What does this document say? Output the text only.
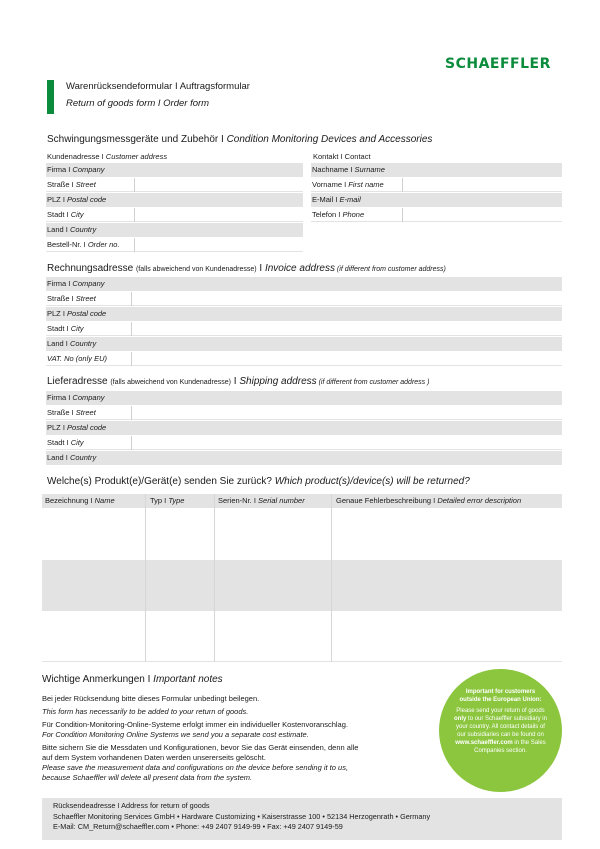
SCHAEFFLER
Warenrücksendeformular I Auftragsformular
Return of goods form I Order form
Schwingungsmessgeräte und Zubehör I Condition Monitoring Devices and Accessories
Kundenadresse I Customer address
Firma I Company
Straße I Street
PLZ I Postal code
Stadt I City
Land I Country
Bestell-Nr. I Order no.
Kontakt I Contact
Nachname I Surname
Vorname I First name
E-Mail I E-mail
Telefon I Phone
Rechnungsadresse (falls abweichend von Kundenadresse) I Invoice address (if different from customer address)
Firma I Company
Straße I Street
PLZ I Postal code
Stadt I City
Land I Country
VAT. No (only EU)
Lieferadresse (falls abweichend von Kundenadresse) I Shipping address (if different from customer address )
Firma I Company
Straße I Street
PLZ I Postal code
Stadt I City
Land I Country
Welche(s) Produkt(e)/Gerät(e) senden Sie zurück? Which product(s)/device(s) will be returned?
Bezeichnung I Name	Typ I Type	Serien-Nr. I Serial number	Genaue Fehlerbeschreibung I Detailed error description
Wichtige Anmerkungen I Important notes

Bei jeder Rücksendung bitte dieses Formular unbedingt beilegen.

This form has necessarily to be added to your return of goods.

Für Condition-Monitoring-Online-Systeme erfolgt immer ein individueller Kostenvoranschlag.

For Condition Monitoring Online Systems we send you a separate cost estimate.

Bitte sichern Sie die Messdaten und Konfigurationen, bevor Sie das Gerät einsenden, denn alle
auf dem System vorhandenen Daten werden unsererseits gelöscht.

Please save the measurement data and configurations on the device before sending it to us,
because Schaeffler will delete all present data from the system.

Important for customers
outside the European Union:
Please send your return of goods
only to our Schaeffler subsidiary in
your country. All contact details of
our subsidiaries can be found on
www.schaeffler.com in the Sales
Companies section.
Rücksendeadresse I Address for return of goods
Schaeffler Monitoring Services GmbH • Hardware Customizing • Kaiserstrasse 100 • 52134 Herzogenrath • Germany
E-Mail: CM_Return@schaeffler.com • Phone: +49 2407 9149-99 • Fax: +49 2407 9149-59
